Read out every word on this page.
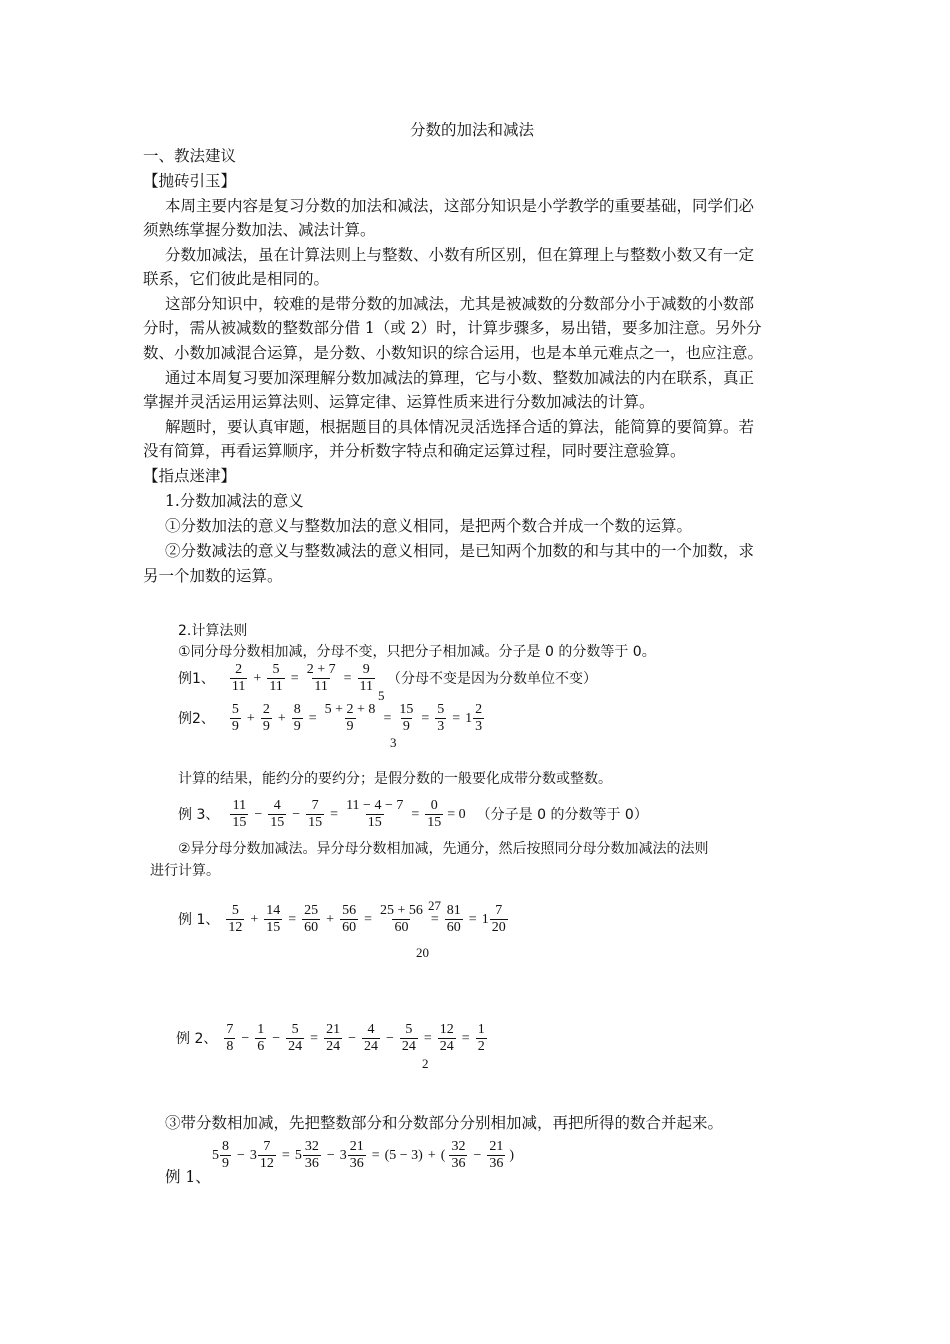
分数的加法和减法
一、教法建议
【抛砖引玉】
本周主要内容是复习分数的加法和减法，这部分知识是小学教学的重要基础，同学们必
须熟练掌握分数加法、减法计算。
分数加减法，虽在计算法则上与整数、小数有所区别，但在算理上与整数小数又有一定
联系，它们彼此是相同的。
这部分知识中，较难的是带分数的加减法，尤其是被减数的分数部分小于减数的小数部
分时，需从被减数的整数部分借 1（或 2）时，计算步骤多，易出错，要多加注意。另外分
数、小数加减混合运算，是分数、小数知识的综合运用，也是本单元难点之一，也应注意。
通过本周复习要加深理解分数加减法的算理，它与小数、整数加减法的内在联系，真正
掌握并灵活运用运算法则、运算定律、运算性质来进行分数加减法的计算。
解题时，要认真审题，根据题目的具体情况灵活选择合适的算法，能简算的要简算。若
没有简算，再看运算顺序，并分析数字特点和确定运算过程，同时要注意验算。
【指点迷津】
1.分数加减法的意义
①分数加法的意义与整数加法的意义相同，是把两个数合并成一个数的运算。
②分数减法的意义与整数减法的意义相同，是已知两个加数的和与其中的一个加数，求
另一个加数的运算。
2.计算法则
①同分母分数相加减，分母不变，只把分子相加减。分子是 0 的分数等于 0。
例1、 $\frac{2}{11} + \frac{5}{11} = \frac{2 + 7}{11} = \frac{9}{11}$ （分母不变是因为分数单位不变）
5
例2、 $\frac{5}{9} + \frac{2}{9} + \frac{8}{9} = \frac{5 + 2 + 8}{9} = \frac{15}{9} = \frac{5}{3} = 1 \frac{2}{3}$
3
计算的结果，能约分的要约分；是假分数的一般要化成带分数或整数。
例 3、 $\frac{11}{15} - \frac{4}{15} - \frac{7}{15} = \frac{11 - 4 - 7}{15} = \frac{0}{15} = 0$ （分子是 0 的分数等于 0）
②异分母分数加减法。异分母分数相加减，先通分，然后按照同分母分数加减法的法则
进行计算。
27
例 1、 $\frac{5}{12} + \frac{14}{15} = \frac{25}{60} + \frac{56}{60} = \frac{25 + 56}{60} = \frac{81}{60} = 1 \frac{7}{20}$
20
例 2、 $\frac{7}{8} - \frac{1}{6} - \frac{5}{24} = \frac{21}{24} - \frac{4}{24} - \frac{5}{24} = \frac{12}{24} = \frac{1}{2}$
2
③带分数相加减，先把整数部分和分数部分分别相加减，再把所得的数合并起来。
$5 \frac{8}{9} - 3 \frac{7}{12} = 5 \frac{32}{36} - 3 \frac{21}{36} = (5 - 3)$ + ( $\frac{32}{36} - \frac{21}{36}$ )
例 1、
